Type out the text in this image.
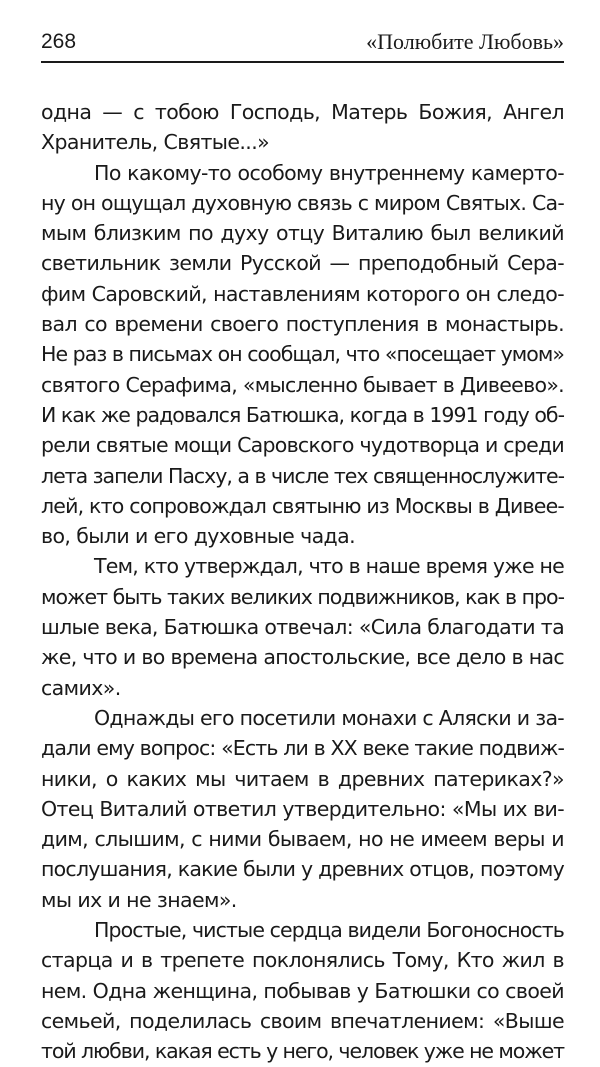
268	«Полюбите Любовь»
одна — с тобою Господь, Матерь Божия, Ангел
Хранитель, Святые...»
По какому-то особому внутреннему камерто-
ну он ощущал духовную связь с миром Святых. Са-
мым близким по духу отцу Виталию был великий
светильник земли Русской — преподобный Сера-
фим Саровский, наставлениям которого он следо-
вал со времени своего поступления в монастырь.
Не раз в письмах он сообщал, что «посещает умом»
святого Серафима, «мысленно бывает в Дивеево».
И как же радовался Батюшка, когда в 1991 году об-
рели святые мощи Саровского чудотворца и среди
лета запели Пасху, а в числе тех священнослужите-
лей, кто сопровождал святыню из Москвы в Дивее-
во, были и его духовные чада.
Тем, кто утверждал, что в наше время уже не
может быть таких великих подвижников, как в про-
шлые века, Батюшка отвечал: «Сила благодати та
же, что и во времена апостольские, все дело в нас
самих».
Однажды его посетили монахи с Аляски и за-
дали ему вопрос: «Есть ли в XX веке такие подвиж-
ники, о каких мы читаем в древних патериках?»
Отец Виталий ответил утвердительно: «Мы их ви-
дим, слышим, с ними бываем, но не имеем веры и
послушания, какие были у древних отцов, поэтому
мы их и не знаем».
Простые, чистые сердца видели Богоносность
старца и в трепете поклонялись Тому, Кто жил в
нем. Одна женщина, побывав у Батюшки со своей
семьей, поделилась своим впечатлением: «Выше
той любви, какая есть у него, человек уже не может
